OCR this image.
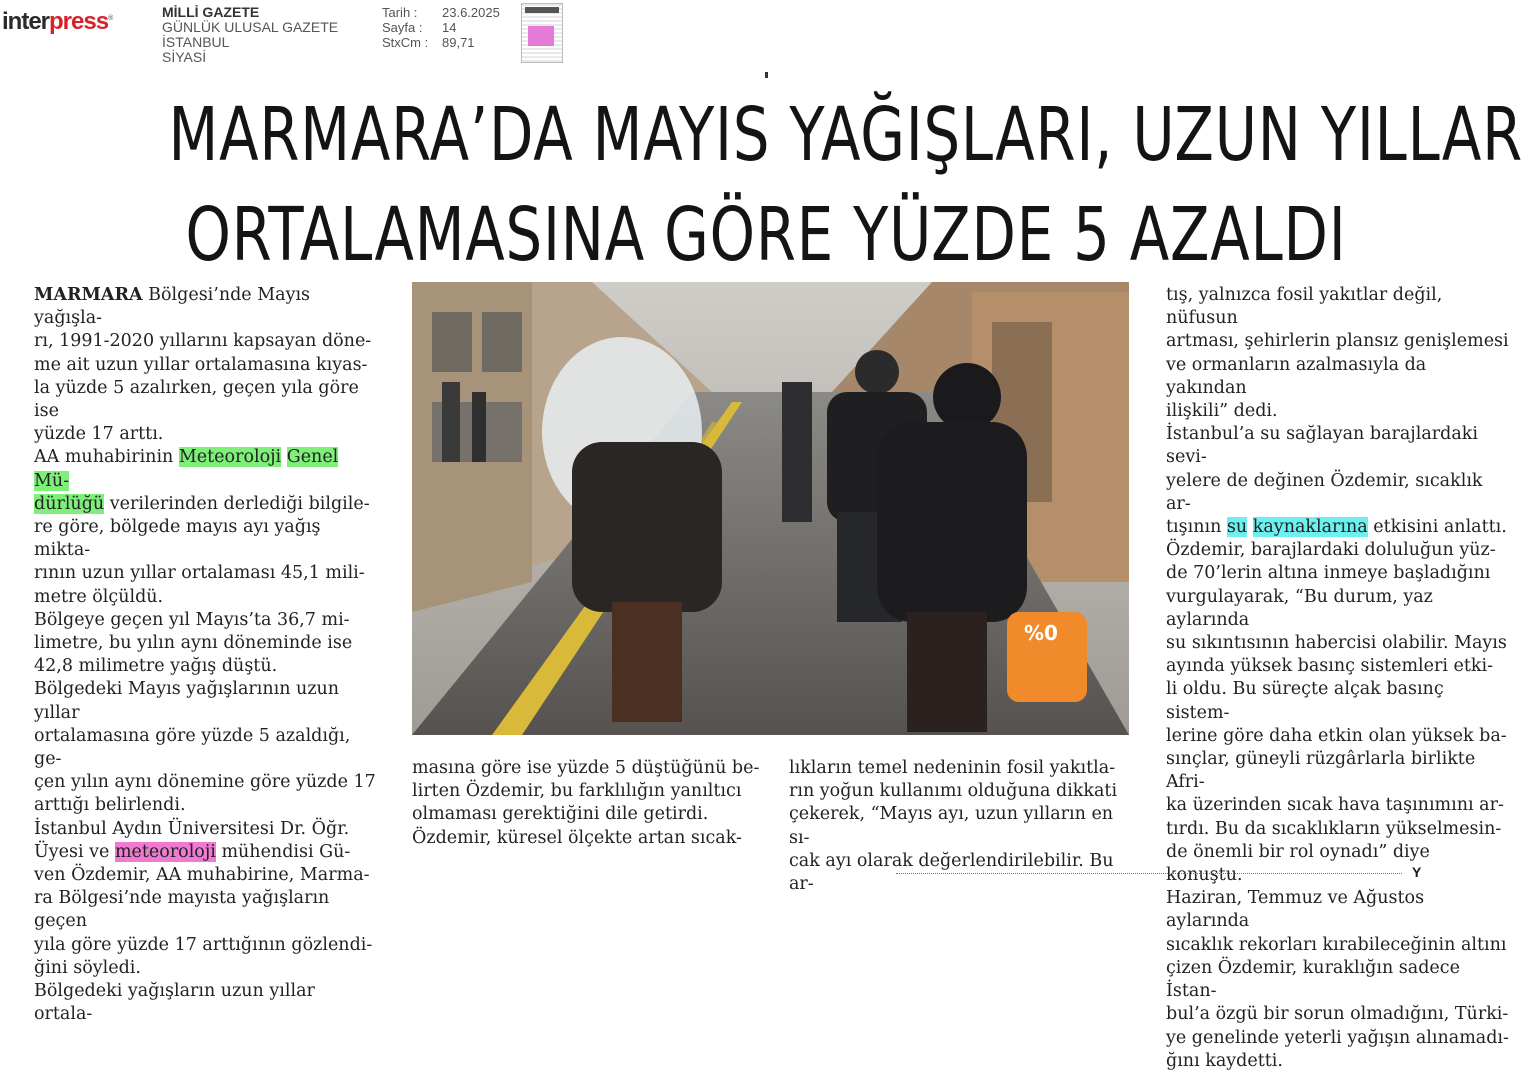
interpress®	MİLLİ GAZETE
GÜNLÜK ULUSAL GAZETE
İSTANBUL
SİYASİ
Tarih : 23.6.2025
Sayfa : 14
StxCm : 89,71
MARMARA’DA MAYIS YAĞIŞLARI, UZUN YILLAR
ORTALAMASINA GÖRE YÜZDE 5 AZALDI

MARMARA Bölgesi’nde Mayıs yağışla-

rı, 1991-2020 yıllarını kapsayan döne-

me ait uzun yıllar ortalamasına kıyas-

la yüzde 5 azalırken, geçen yıla göre ise

yüzde 17 arttı.

AA muhabirinin Meteoroloji Genel Mü-

dürlüğü verilerinden derlediği bilgile-

re göre, bölgede mayıs ayı yağış mikta-

rının uzun yıllar ortalaması 45,1 mili-

metre ölçüldü.

Bölgeye geçen yıl Mayıs’ta 36,7 mi-

limetre, bu yılın aynı döneminde ise

42,8 milimetre yağış düştü.

Bölgedeki Mayıs yağışlarının uzun yıllar

ortalamasına göre yüzde 5 azaldığı, ge-

çen yılın aynı dönemine göre yüzde 17

arttığı belirlendi.

İstanbul Aydın Üniversitesi Dr. Öğr.

Üyesi ve meteoroloji mühendisi Gü-

ven Özdemir, AA muhabirine, Marma-

ra Bölgesi’nde mayısta yağışların geçen

yıla göre yüzde 17 arttığının gözlendi-

ğini söyledi.

Bölgedeki yağışların uzun yıllar ortala-

%0

masına göre ise yüzde 5 düştüğünü be-

lirten Özdemir, bu farklılığın yanıltıcı

olmaması gerektiğini dile getirdi.

Özdemir, küresel ölçekte artan sıcak-

lıkların temel nedeninin fosil yakıtla-

rın yoğun kullanımı olduğuna dikkati

çekerek, “Mayıs ayı, uzun yılların en sı-

cak ayı olarak değerlendirilebilir. Bu ar-

tış, yalnızca fosil yakıtlar değil, nüfusun

artması, şehirlerin plansız genişlemesi

ve ormanların azalmasıyla da yakından

ilişkili” dedi.

İstanbul’a su sağlayan barajlardaki sevi-

yelere de değinen Özdemir, sıcaklık ar-

tışının su kaynaklarına etkisini anlattı.

Özdemir, barajlardaki doluluğun yüz-

de 70’lerin altına inmeye başladığını

vurgulayarak, “Bu durum, yaz aylarında

su sıkıntısının habercisi olabilir. Mayıs

ayında yüksek basınç sistemleri etki-

li oldu. Bu süreçte alçak basınç sistem-

lerine göre daha etkin olan yüksek ba-

sınçlar, güneyli rüzgârlarla birlikte Afri-

ka üzerinden sıcak hava taşınımını ar-

tırdı. Bu da sıcaklıkların yükselmesin-

de önemli bir rol oynadı” diye konuştu.

Haziran, Temmuz ve Ağustos aylarında

sıcaklık rekorları kırabileceğinin altını

çizen Özdemir, kuraklığın sadece İstan-

bul’a özgü bir sorun olmadığını, Türki-

ye genelinde yeterli yağışın alınamadı-

ğını kaydetti.

Y
